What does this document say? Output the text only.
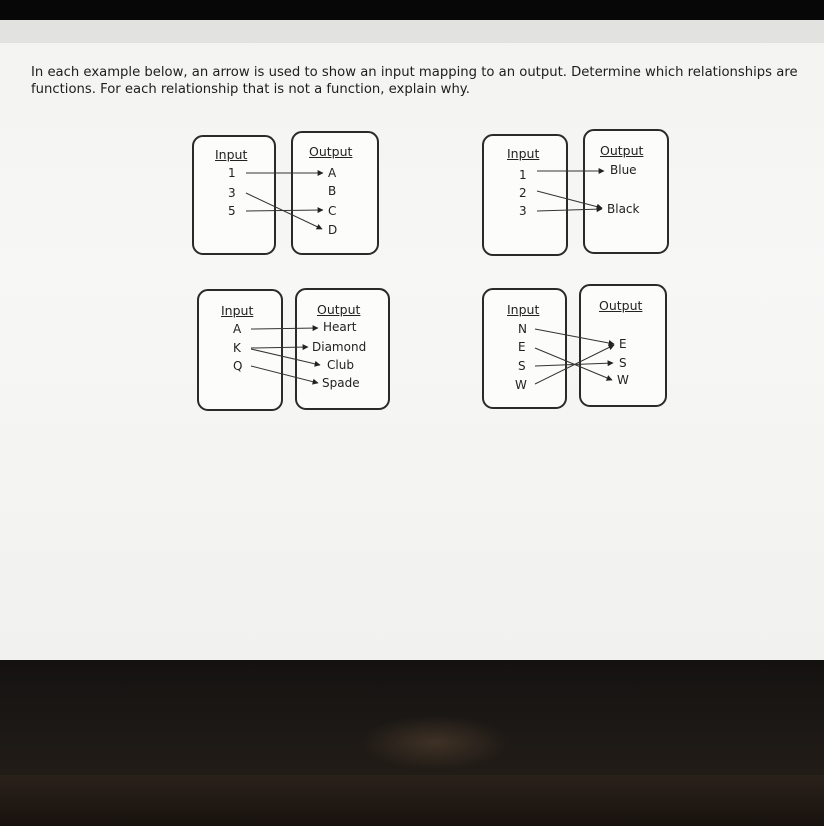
In each example below, an arrow is used to show an input mapping to an output. Determine which relationships are functions. For each relationship that is not a function, explain why.
Input
1
3
5
Output
A
B
C
D
Input
1
2
3
Output
Blue
Black
Input
A
K
Q
Output
Heart
Diamond
Club
Spade
Input
N
E
S
W
Output
E
S
W
